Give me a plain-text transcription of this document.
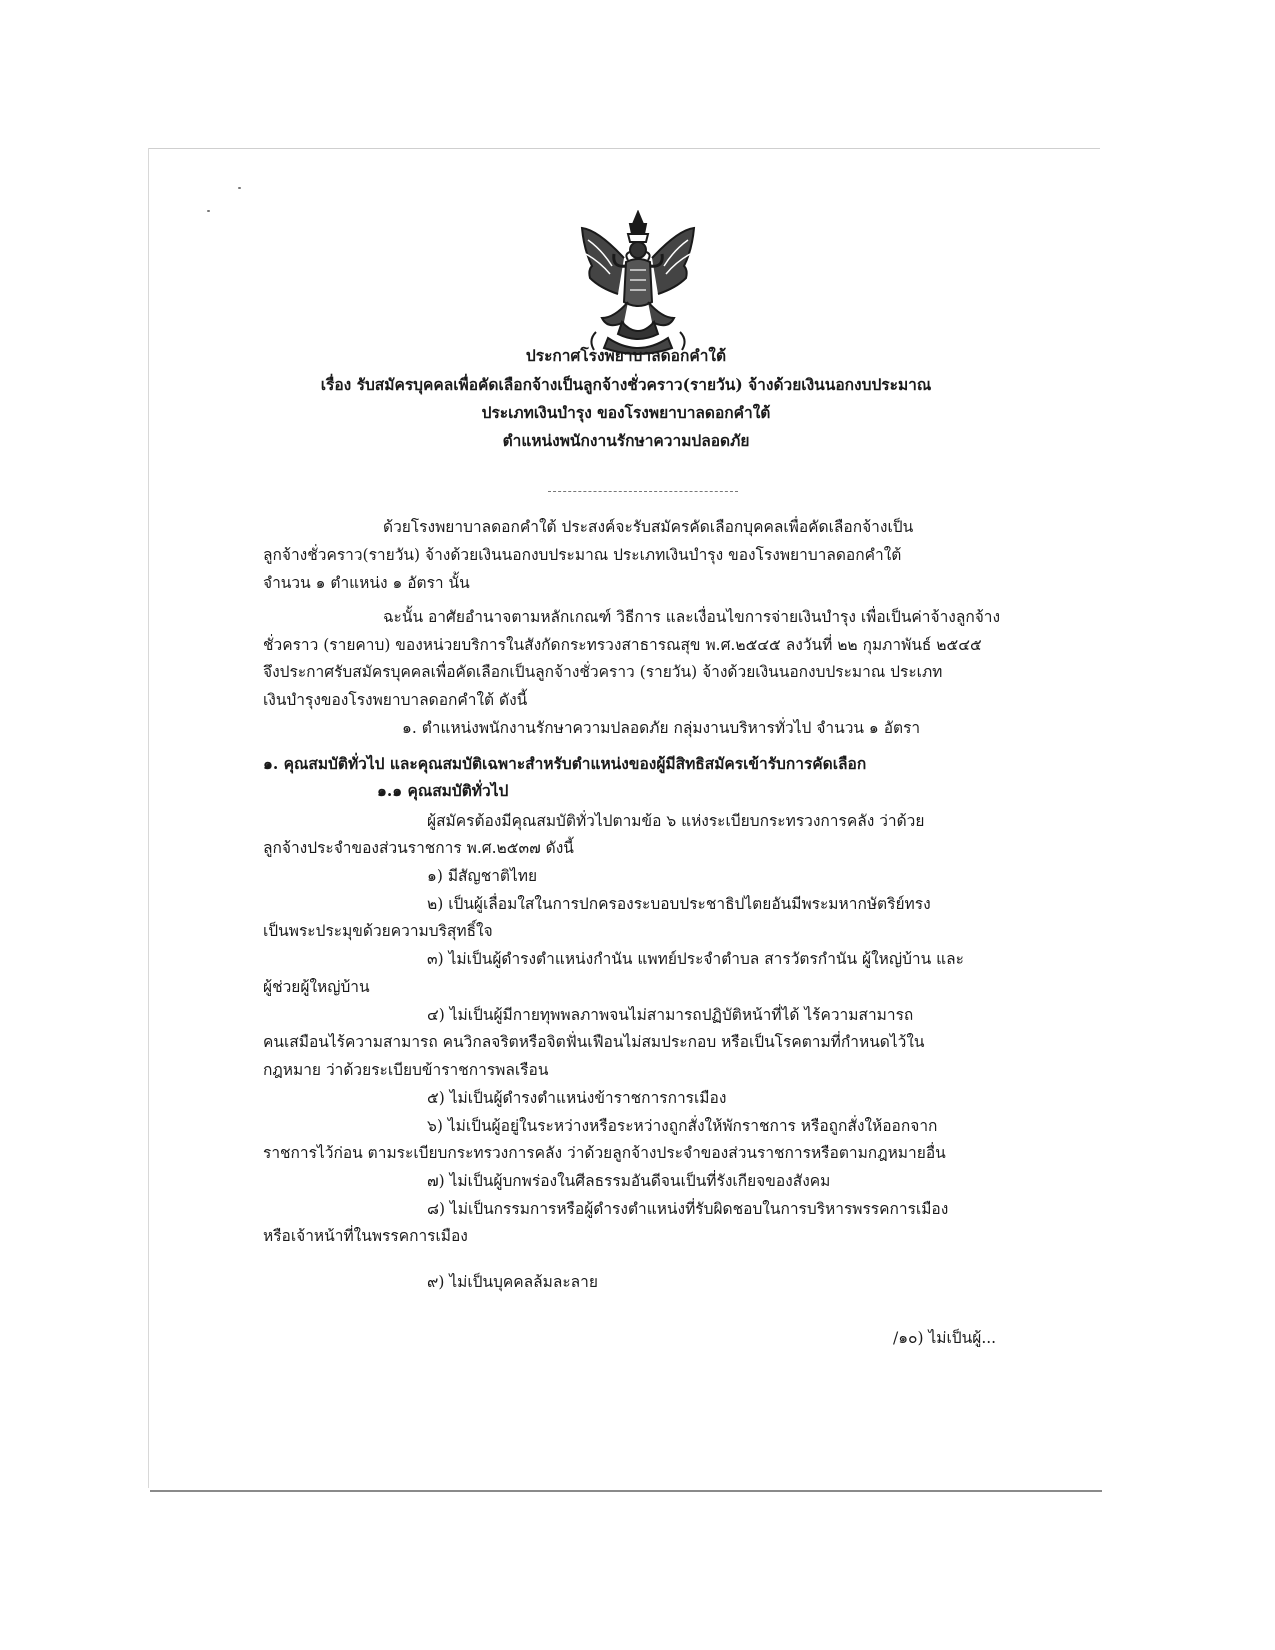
ประกาศโรงพยาบาลดอกคำใต้
เรื่อง รับสมัครบุคคลเพื่อคัดเลือกจ้างเป็นลูกจ้างชั่วคราว(รายวัน) จ้างด้วยเงินนอกงบประมาณ
ประเภทเงินบำรุง ของโรงพยาบาลดอกคำใต้
ตำแหน่งพนักงานรักษาความปลอดภัย
ด้วยโรงพยาบาลดอกคำใต้ ประสงค์จะรับสมัครคัดเลือกบุคคลเพื่อคัดเลือกจ้างเป็น
ลูกจ้างชั่วคราว(รายวัน) จ้างด้วยเงินนอกงบประมาณ ประเภทเงินบำรุง ของโรงพยาบาลดอกคำใต้
จำนวน ๑ ตำแหน่ง ๑ อัตรา นั้น
ฉะนั้น อาศัยอำนาจตามหลักเกณฑ์ วิธีการ และเงื่อนไขการจ่ายเงินบำรุง เพื่อเป็นค่าจ้างลูกจ้าง
ชั่วคราว (รายคาบ) ของหน่วยบริการในสังกัดกระทรวงสาธารณสุข พ.ศ.๒๕๔๕ ลงวันที่ ๒๒ กุมภาพันธ์ ๒๕๔๕
จึงประกาศรับสมัครบุคคลเพื่อคัดเลือกเป็นลูกจ้างชั่วคราว (รายวัน) จ้างด้วยเงินนอกงบประมาณ ประเภท
เงินบำรุงของโรงพยาบาลดอกคำใต้ ดังนี้
๑. ตำแหน่งพนักงานรักษาความปลอดภัย กลุ่มงานบริหารทั่วไป จำนวน ๑ อัตรา
๑. คุณสมบัติทั่วไป และคุณสมบัติเฉพาะสำหรับตำแหน่งของผู้มีสิทธิสมัครเข้ารับการคัดเลือก
๑.๑ คุณสมบัติทั่วไป
ผู้สมัครต้องมีคุณสมบัติทั่วไปตามข้อ ๖ แห่งระเบียบกระทรวงการคลัง ว่าด้วย
ลูกจ้างประจำของส่วนราชการ พ.ศ.๒๕๓๗ ดังนี้
๑) มีสัญชาติไทย
๒) เป็นผู้เลื่อมใสในการปกครองระบอบประชาธิปไตยอันมีพระมหากษัตริย์ทรง
เป็นพระประมุขด้วยความบริสุทธิ์ใจ
๓) ไม่เป็นผู้ดำรงตำแหน่งกำนัน แพทย์ประจำตำบล สารวัตรกำนัน ผู้ใหญ่บ้าน และ
ผู้ช่วยผู้ใหญ่บ้าน
๔) ไม่เป็นผู้มีกายทุพพลภาพจนไม่สามารถปฏิบัติหน้าที่ได้ ไร้ความสามารถ
คนเสมือนไร้ความสามารถ คนวิกลจริตหรือจิตฟั่นเฟือนไม่สมประกอบ หรือเป็นโรคตามที่กำหนดไว้ใน
กฎหมาย ว่าด้วยระเบียบข้าราชการพลเรือน
๕) ไม่เป็นผู้ดำรงตำแหน่งข้าราชการการเมือง
๖) ไม่เป็นผู้อยู่ในระหว่างหรือระหว่างถูกสั่งให้พักราชการ หรือถูกสั่งให้ออกจาก
ราชการไว้ก่อน ตามระเบียบกระทรวงการคลัง ว่าด้วยลูกจ้างประจำของส่วนราชการหรือตามกฎหมายอื่น
๗) ไม่เป็นผู้บกพร่องในศีลธรรมอันดีจนเป็นที่รังเกียจของสังคม
๘) ไม่เป็นกรรมการหรือผู้ดำรงตำแหน่งที่รับผิดชอบในการบริหารพรรคการเมือง
หรือเจ้าหน้าที่ในพรรคการเมือง
๙) ไม่เป็นบุคคลล้มละลาย
/๑๐) ไม่เป็นผู้...
